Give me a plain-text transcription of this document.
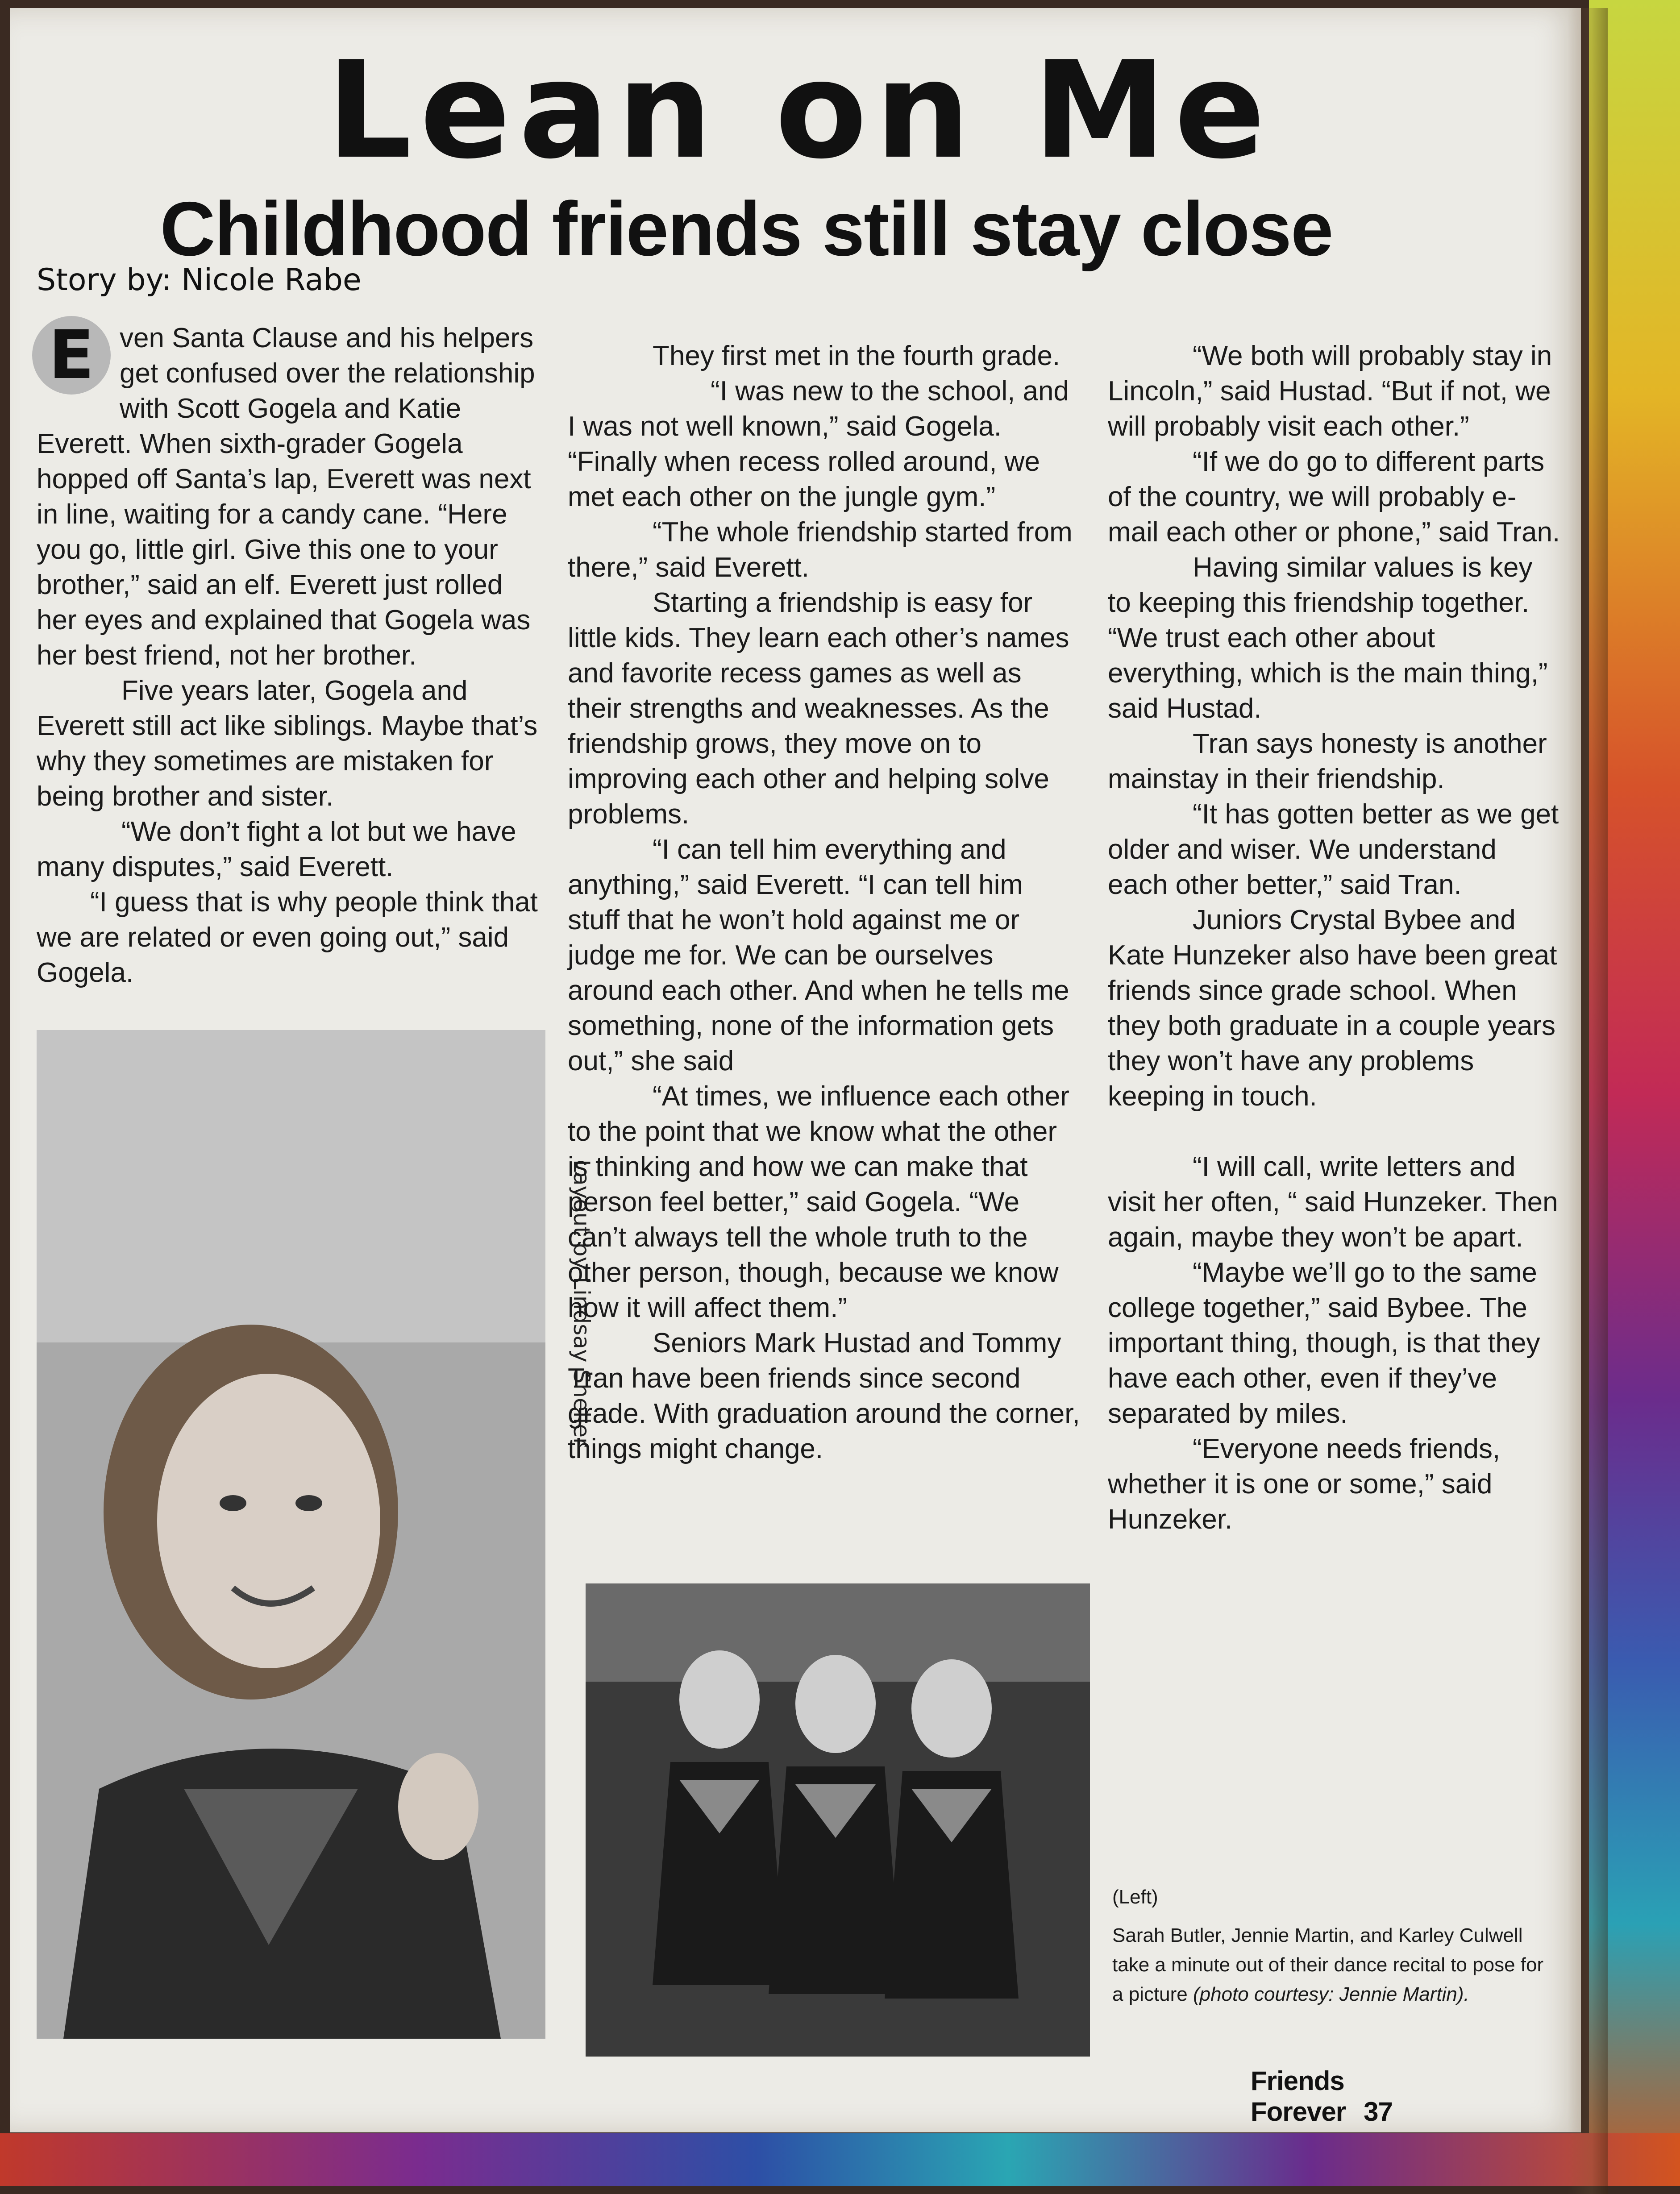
Lean on Me
Childhood friends still stay close
Story by: Nicole Rabe

E ven Santa Clause and his helpers get confused over the relationship with Scott Gogela and Katie Everett. When sixth-grader Gogela hopped off Santa’s lap, Everett was next in line, waiting for a candy cane. “Here you go, little girl. Give this one to your brother,” said an elf. Everett just rolled her eyes and explained that Gogela was her best friend, not her brother.

Five years later, Gogela and Everett still act like siblings. Maybe that’s why they sometimes are mistaken for being brother and sister.

“We don’t fight a lot but we have many disputes,” said Everett.

“I guess that is why people think that we are related or even going out,” said Gogela.

Layout by Lindsay Sheller

They first met in the fourth grade.

“I was new to the school, and I was not well known,” said Gogela. “Finally when recess rolled around, we met each other on the jungle gym.”

“The whole friendship started from there,” said Everett.

Starting a friendship is easy for little kids. They learn each other’s names and favorite recess games as well as their strengths and weaknesses. As the friendship grows, they move on to improving each other and helping solve problems.

“I can tell him everything and anything,” said Everett. “I can tell him stuff that he won’t hold against me or judge me for. We can be ourselves around each other. And when he tells me something, none of the information gets out,” she said

“At times, we influence each other to the point that we know what the other is thinking and how we can make that person feel better,” said Gogela. “We can’t always tell the whole truth to the other person, though, because we know how it will affect them.”

Seniors Mark Hustad and Tommy Tran have been friends since second grade. With graduation around the corner, things might change.

“We both will probably stay in Lincoln,” said Hustad. “But if not, we will probably visit each other.”

“If we do go to different parts of the country, we will probably e-mail each other or phone,” said Tran.

Having similar values is key to keeping this friendship together. “We trust each other about everything, which is the main thing,” said Hustad.

Tran says honesty is another mainstay in their friendship.

“It has gotten better as we get older and wiser. We understand each other better,” said Tran.

Juniors Crystal Bybee and Kate Hunzeker also have been great friends since grade school. When they both graduate in a couple years they won’t have any problems keeping in touch.

“I will call, write letters and visit her often, “ said Hunzeker. Then again, maybe they won’t be apart.

“Maybe we’ll go to the same college together,” said Bybee. The important thing, though, is that they have each other, even if they’ve separated by miles.

“Everyone needs friends, whether it is one or some,” said Hunzeker.

(Left)

Sarah Butler, Jennie Martin, and Karley Culwell take a minute out of their dance recital to pose for a picture (photo courtesy: Jennie Martin).

Friends Forever 37
